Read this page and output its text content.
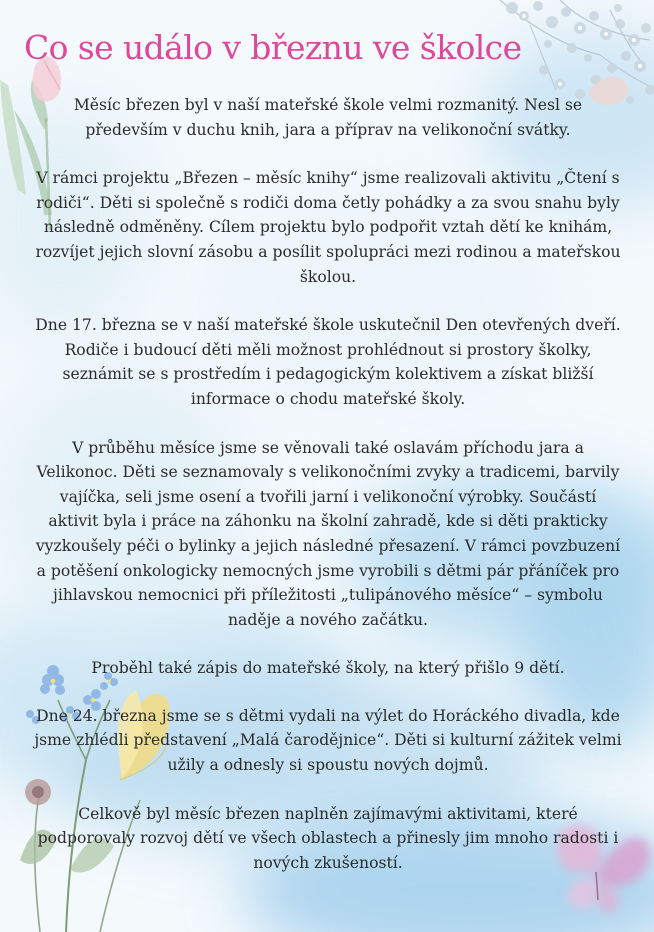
Co se událo v březnu ve školce

Měsíc březen byl v naší mateřské škole velmi rozmanitý. Nesl se především v duchu knih, jara a příprav na velikonoční svátky.

V rámci projektu „Březen – měsíc knihy“ jsme realizovali aktivitu „Čtení s rodiči“. Děti si společně s rodiči doma četly pohádky a za svou snahu byly následně odměněny. Cílem projektu bylo podpořit vztah dětí ke knihám, rozvíjet jejich slovní zásobu a posílit spolupráci mezi rodinou a mateřskou školou.

Dne 17. března se v naší mateřské škole uskutečnil Den otevřených dveří. Rodiče i budoucí děti měli možnost prohlédnout si prostory školky, seznámit se s prostředím i pedagogickým kolektivem a získat bližší informace o chodu mateřské školy.

V průběhu měsíce jsme se věnovali také oslavám příchodu jara a Velikonoc. Děti se seznamovaly s velikonočními zvyky a tradicemi, barvily vajíčka, seli jsme osení a tvořili jarní i velikonoční výrobky. Součástí aktivit byla i práce na záhonku na školní zahradě, kde si děti prakticky vyzkoušely péči o bylinky a jejich následné přesazení. V rámci povzbuzení a potěšení onkologicky nemocných jsme vyrobili s dětmi pár přáníček pro jihlavskou nemocnici při příležitosti „tulipánového měsíce“ – symbolu naděje a nového začátku.

Proběhl také zápis do mateřské školy, na který přišlo 9 dětí.

Dne 24. března jsme se s dětmi vydali na výlet do Horáckého divadla, kde jsme zhlédli představení „Malá čarodějnice“. Děti si kulturní zážitek velmi užily a odnesly si spoustu nových dojmů.

Celkově byl měsíc březen naplněn zajímavými aktivitami, které podporovaly rozvoj dětí ve všech oblastech a přinesly jim mnoho radosti i nových zkušeností.
